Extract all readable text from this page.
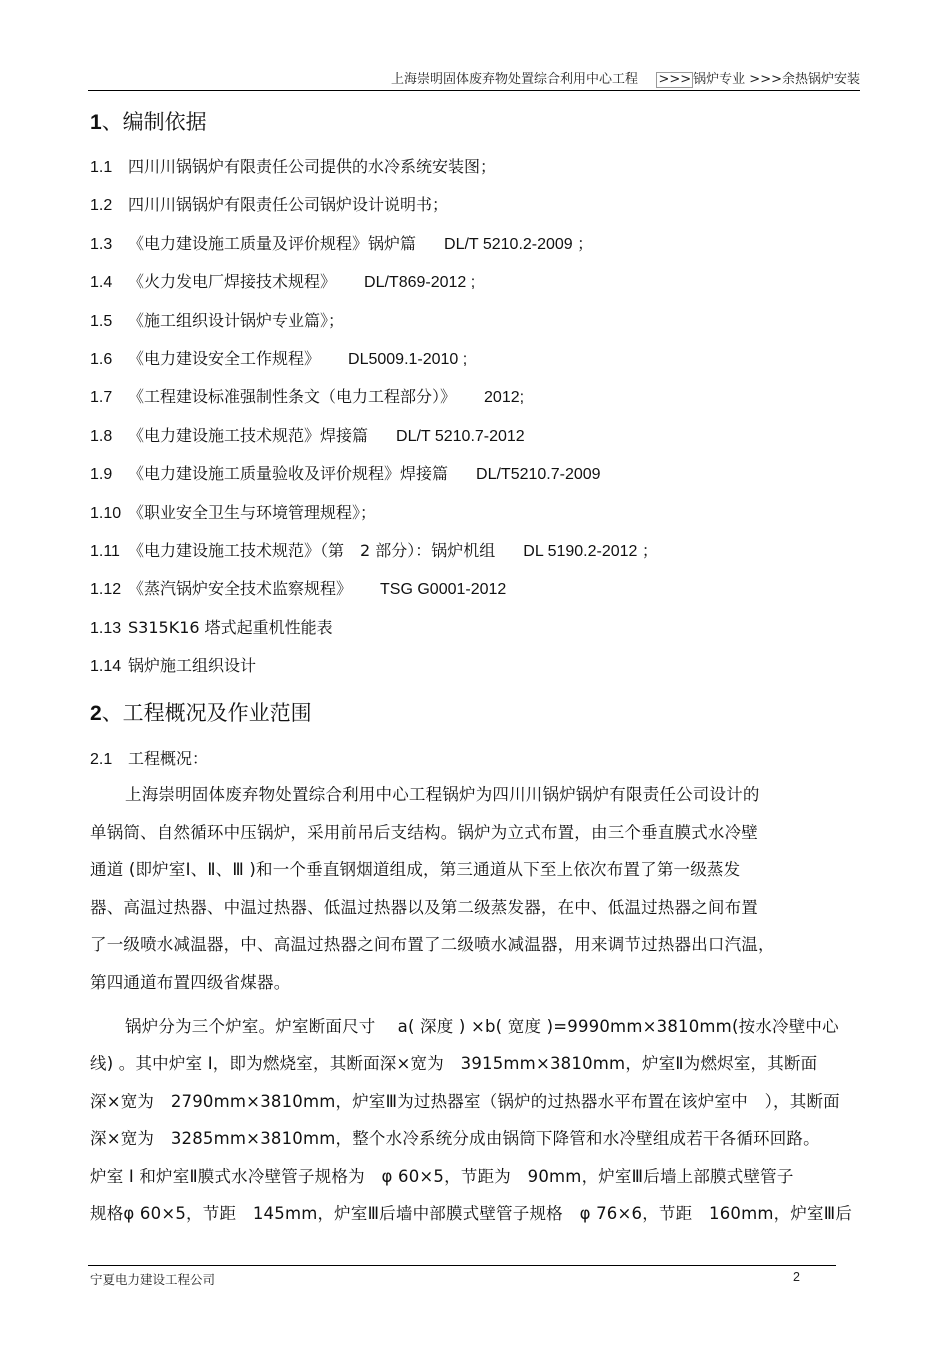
上海崇明固体废弃物处置综合利用中心工程 >>> 锅炉专业 >>>余热锅炉安装
1、编制依据
1.1 四川川锅锅炉有限责任公司提供的水冷系统安装图；
1.2 四川川锅锅炉有限责任公司锅炉设计说明书；
1.3 《电力建设施工质量及评价规程》锅炉篇 DL/T 5210.2-2009 ；
1.4 《火力发电厂焊接技术规程》 DL/T869-2012 ;
1.5 《施工组织设计锅炉专业篇》；
1.6 《电力建设安全工作规程》 DL5009.1-2010 ;
1.7 《工程建设标准强制性条文（电力工程部分）》 2012;
1.8 《电力建设施工技术规范》焊接篇 DL/T 5210.7-2012
1.9 《电力建设施工质量验收及评价规程》焊接篇 DL/T5210.7-2009
1.10 《职业安全卫生与环境管理规程》；
1.11 《电力建设施工技术规范》（第　2 部分）：锅炉机组 DL 5190.2-2012 ；
1.12 《蒸汽锅炉安全技术监察规程》 TSG G0001-2012
1.13 S315K16 塔式起重机性能表
1.14 锅炉施工组织设计
2、工程概况及作业范围
2.1 工程概况：
上海崇明固体废弃物处置综合利用中心工程锅炉为四川川锅炉锅炉有限责任公司设计的
单锅筒、自然循环中压锅炉，采用前吊后支结构。锅炉为立式布置，由三个垂直膜式水冷壁
通道 (即炉室Ⅰ、Ⅱ、Ⅲ )和一个垂直钢烟道组成，第三通道从下至上依次布置了第一级蒸发
器、高温过热器、中温过热器、低温过热器以及第二级蒸发器，在中、低温过热器之间布置
了一级喷水减温器，中、高温过热器之间布置了二级喷水减温器，用来调节过热器出口汽温，
第四通道布置四级省煤器。
锅炉分为三个炉室。炉室断面尺寸　 a( 深度 ) ×b( 宽度 )=9990mm×3810mm(按水冷壁中心
线) 。其中炉室 Ⅰ，即为燃烧室，其断面深×宽为　3915mm×3810mm，炉室Ⅱ为燃烬室，其断面
深×宽为　2790mm×3810mm，炉室Ⅲ为过热器室（锅炉的过热器水平布置在该炉室中　），其断面
深×宽为　3285mm×3810mm，整个水冷系统分成由锅筒下降管和水冷壁组成若干各循环回路。
炉室 Ⅰ 和炉室Ⅱ膜式水冷壁管子规格为　φ 60×5，节距为　90mm，炉室Ⅲ后墙上部膜式壁管子
规格φ 60×5，节距　145mm，炉室Ⅲ后墙中部膜式壁管子规格　φ 76×6，节距　160mm，炉室Ⅲ后
宁夏电力建设工程公司	2
